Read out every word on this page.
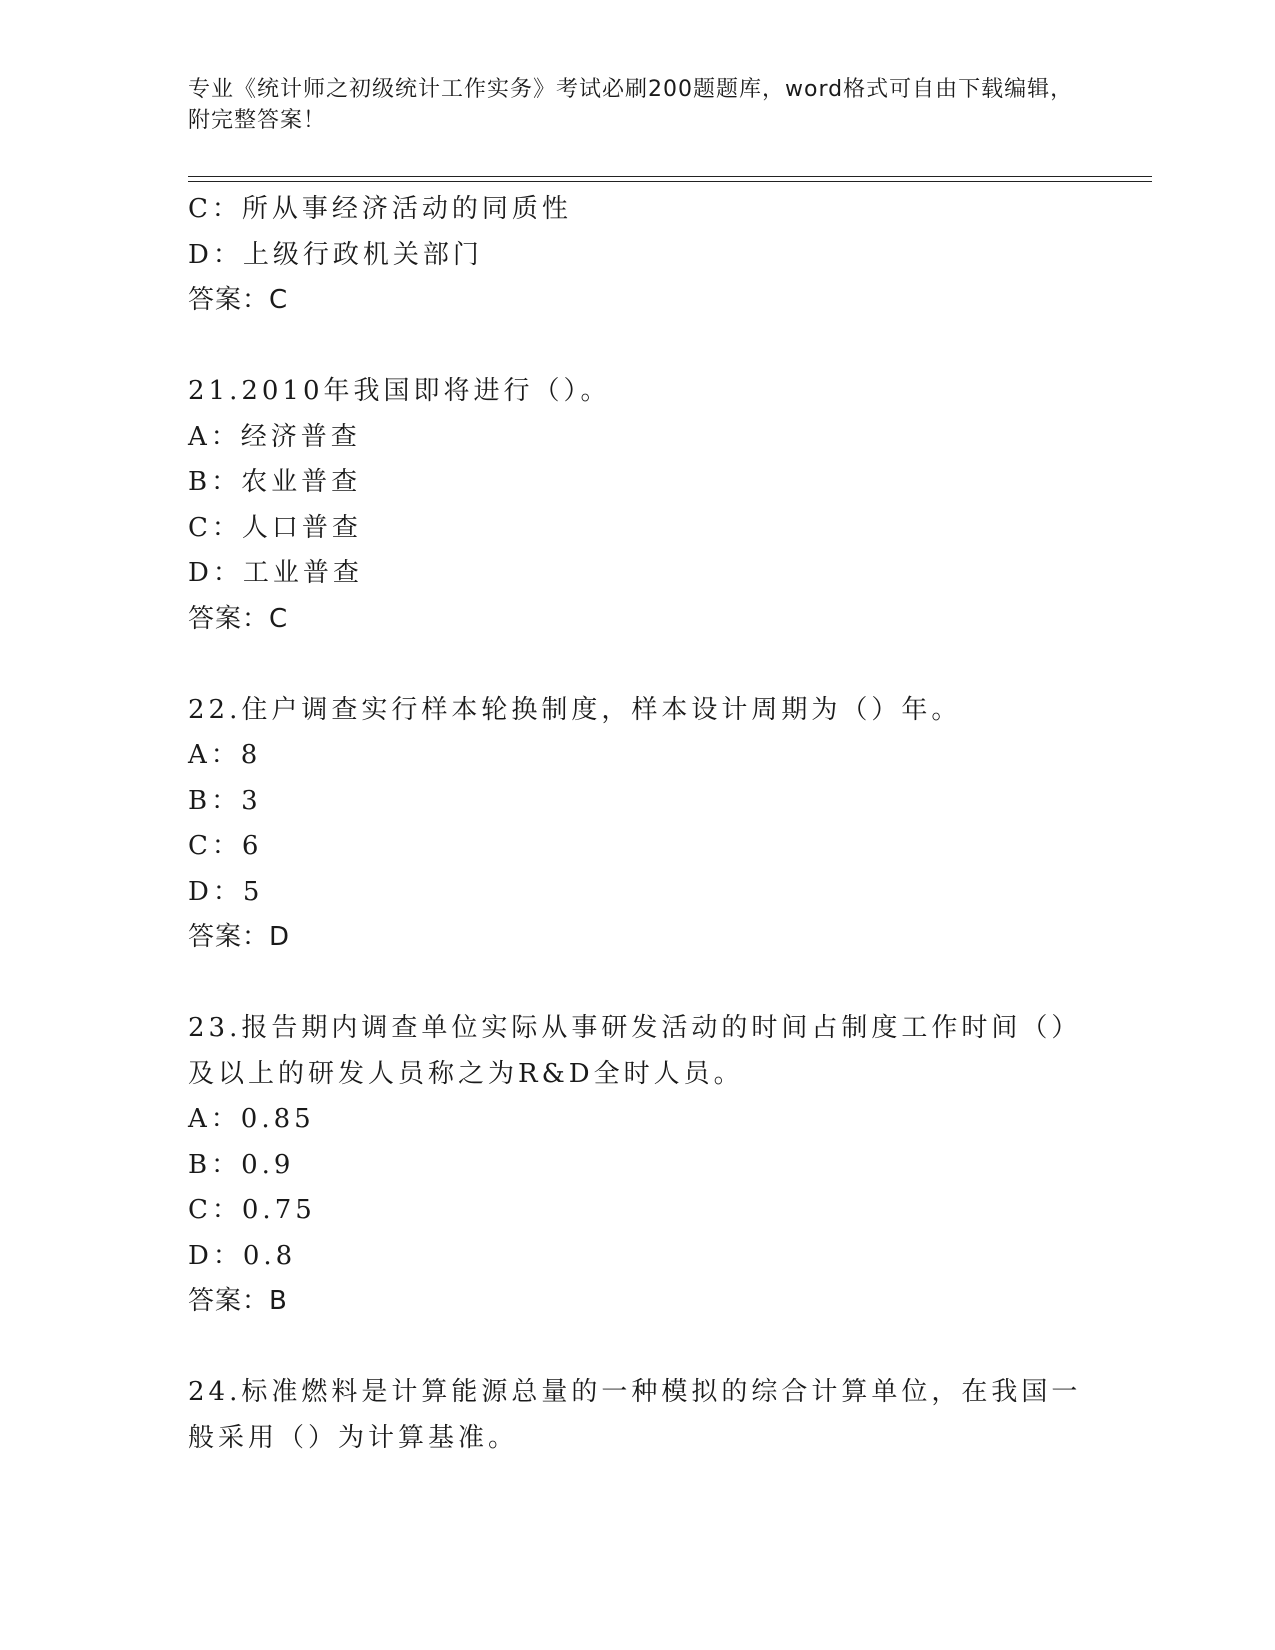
专业《统计师之初级统计工作实务》考试必刷200题题库，word格式可自由下载编辑，附完整答案！
C：所从事经济活动的同质性
D：上级行政机关部门
答案：C
21.2010年我国即将进行（）。
A：经济普查
B：农业普查
C：人口普查
D：工业普查
答案：C
22.住户调查实行样本轮换制度，样本设计周期为（）年。
A：8
B：3
C：6
D：5
答案：D
23.报告期内调查单位实际从事研发活动的时间占制度工作时间（）及以上的研发人员称之为R&D全时人员。
A：0.85
B：0.9
C：0.75
D：0.8
答案：B
24.标准燃料是计算能源总量的一种模拟的综合计算单位，在我国一般采用（）为计算基准。
